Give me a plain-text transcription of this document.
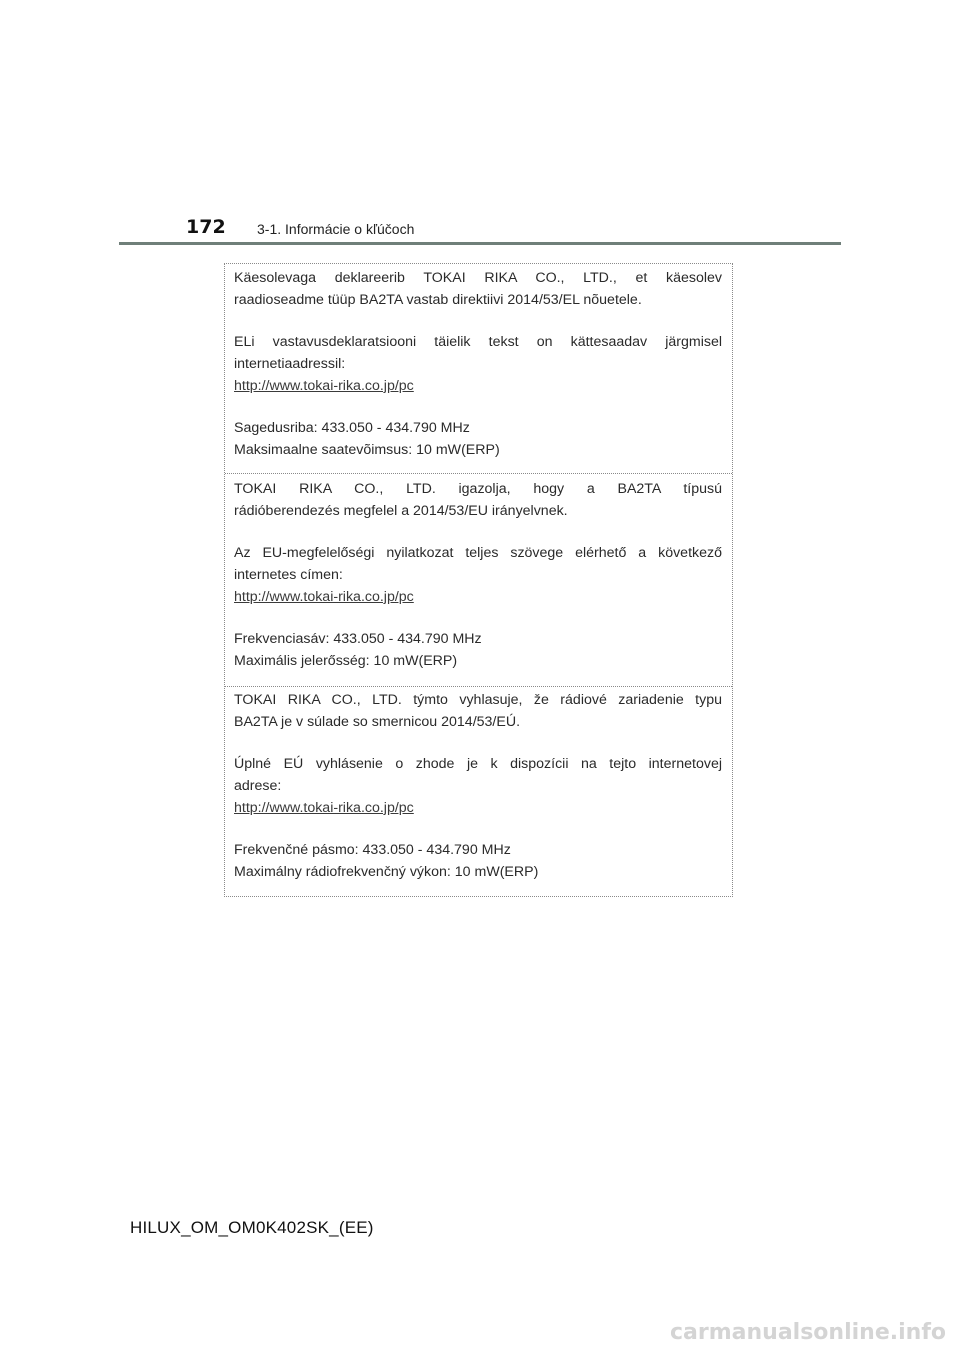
172 3-1. Informácie o kľúčoch
Käesolevaga deklareerib TOKAI RIKA CO., LTD., et käesolev
raadioseadme tüüp BA2TA vastab direktiivi 2014/53/EL nõuetele.
ELi vastavusdeklaratsiooni täielik tekst on kättesaadav järgmisel
internetiaadressil:
http://www.tokai-rika.co.jp/pc
Sagedusriba: 433.050 - 434.790 MHz
Maksimaalne saatevõimsus: 10 mW(ERP)
TOKAI RIKA CO., LTD. igazolja, hogy a BA2TA típusú
rádióberendezés megfelel a 2014/53/EU irányelvnek.
Az EU-megfelelőségi nyilatkozat teljes szövege elérhető a következő
internetes címen:
http://www.tokai-rika.co.jp/pc
Frekvenciasáv: 433.050 - 434.790 MHz
Maximális jelerősség: 10 mW(ERP)
TOKAI RIKA CO., LTD. týmto vyhlasuje, že rádiové zariadenie typu
BA2TA je v súlade so smernicou 2014/53/EÚ.
Úplné EÚ vyhlásenie o zhode je k dispozícii na tejto internetovej
adrese:
http://www.tokai-rika.co.jp/pc
Frekvenčné pásmo: 433.050 - 434.790 MHz
Maximálny rádiofrekvenčný výkon: 10 mW(ERP)
HILUX_OM_OM0K402SK_(EE)
carmanualsonline.info
